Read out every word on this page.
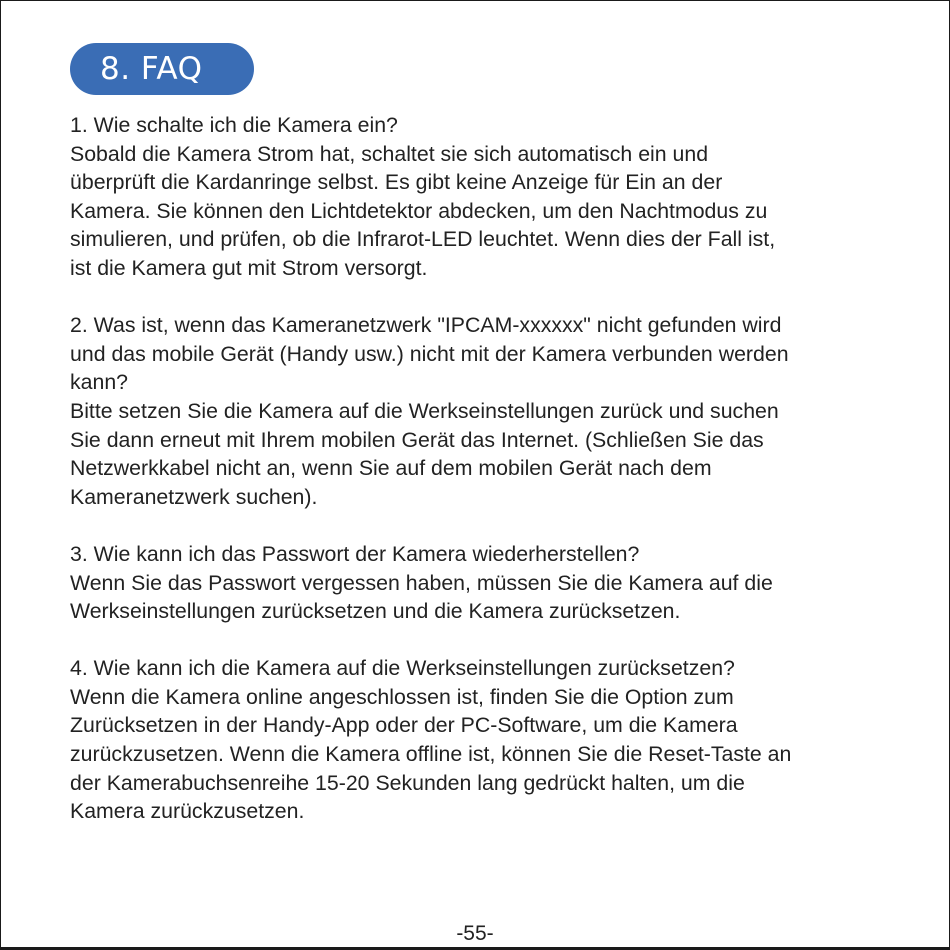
8. FAQ

1. Wie schalte ich die Kamera ein?

Sobald die Kamera Strom hat, schaltet sie sich automatisch ein und

überprüft die Kardanringe selbst. Es gibt keine Anzeige für Ein an der

Kamera. Sie können den Lichtdetektor abdecken, um den Nachtmodus zu

simulieren, und prüfen, ob die Infrarot-LED leuchtet. Wenn dies der Fall ist,

ist die Kamera gut mit Strom versorgt.

2. Was ist, wenn das Kameranetzwerk "IPCAM-xxxxxx" nicht gefunden wird

und das mobile Gerät (Handy usw.) nicht mit der Kamera verbunden werden

kann?

Bitte setzen Sie die Kamera auf die Werkseinstellungen zurück und suchen

Sie dann erneut mit Ihrem mobilen Gerät das Internet. (Schließen Sie das

Netzwerkkabel nicht an, wenn Sie auf dem mobilen Gerät nach dem

Kameranetzwerk suchen).

3. Wie kann ich das Passwort der Kamera wiederherstellen?

Wenn Sie das Passwort vergessen haben, müssen Sie die Kamera auf die

Werkseinstellungen zurücksetzen und die Kamera zurücksetzen.

4. Wie kann ich die Kamera auf die Werkseinstellungen zurücksetzen?

Wenn die Kamera online angeschlossen ist, finden Sie die Option zum

Zurücksetzen in der Handy-App oder der PC-Software, um die Kamera

zurückzusetzen. Wenn die Kamera offline ist, können Sie die Reset-Taste an

der Kamerabuchsenreihe 15-20 Sekunden lang gedrückt halten, um die

Kamera zurückzusetzen.

-55-
